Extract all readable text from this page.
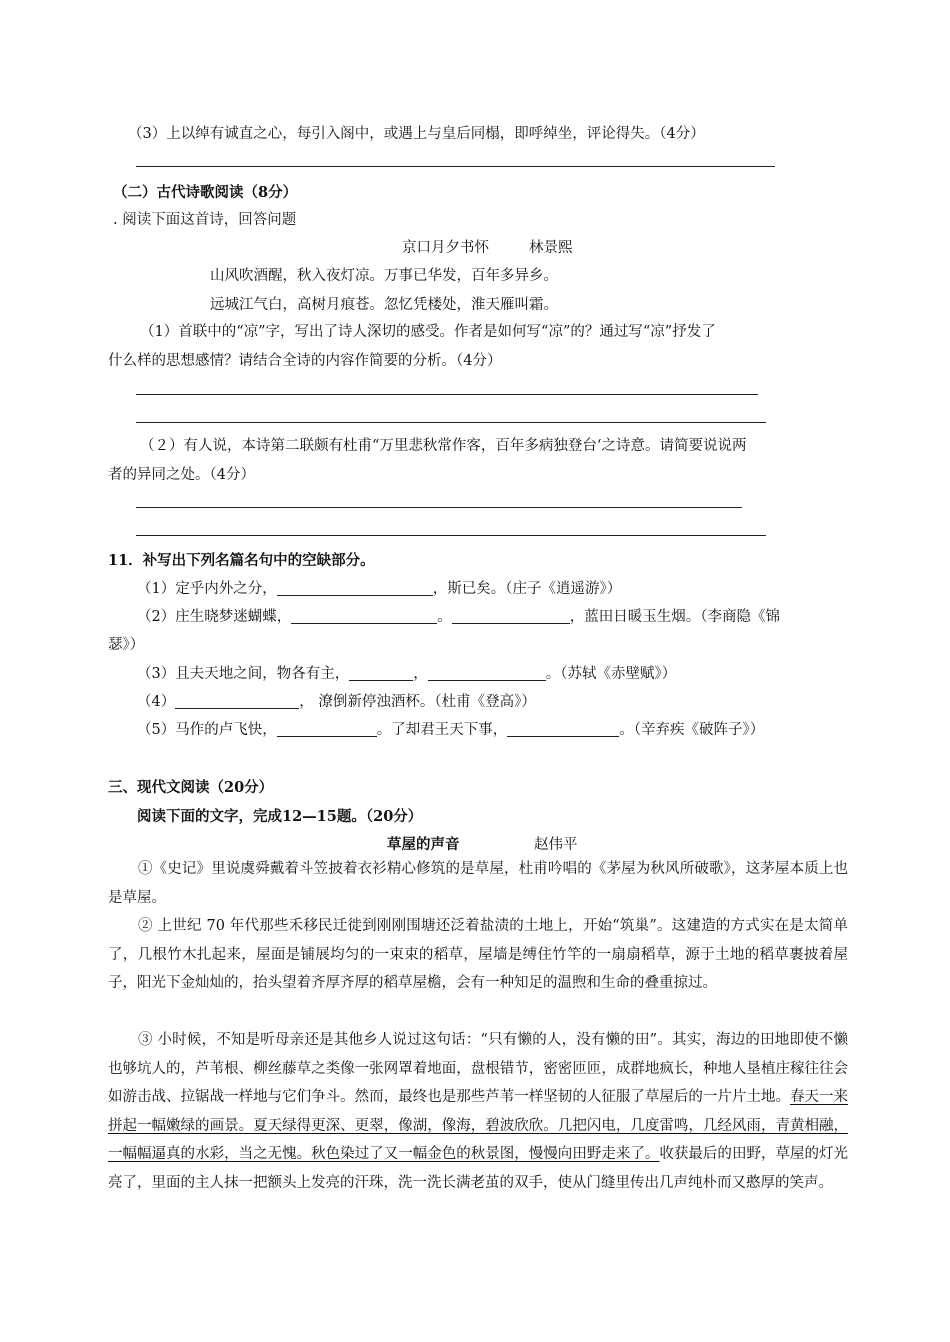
（3）上以绰有诚直之心，每引入阁中，或遇上与皇后同榻，即呼绰坐，评论得失。（4分）
（二）古代诗歌阅读（8分）
. 阅读下面这首诗，回答问题
京口月夕书怀	林景熙
山风吹酒醒，秋入夜灯凉。万事已华发，百年多异乡。
远城江气白，高树月痕苍。忽忆凭楼处，淮天雁叫霜。
（1）首联中的“凉”字，写出了诗人深切的感受。作者是如何写“凉”的？通过写“凉”抒发了
什么样的思想感情？请结合全诗的内容作简要的分析。（4分）
（２）有人说，本诗第二联颇有杜甫“万里悲秋常作客，百年多病独登台‘之诗意。请简要说说两
者的异同之处。（4分）
11．补写出下列名篇名句中的空缺部分。
（1）定乎内外之分，	，斯已矣。（庄子《逍遥游》）
（2）庄生晓梦迷蝴蝶，	。	，蓝田日暖玉生烟。（李商隐《锦
瑟》）
（3）且夫天地之间，物各有主，	，	。（苏轼《赤壁赋》）
（4）	， 潦倒新停浊酒杯。（杜甫《登高》）
（5）马作的卢飞快，	。了却君王天下事，	。（辛弃疾《破阵子》）
三、现代文阅读（20分）
阅读下面的文字，完成12—15题。（20分）
草屋的声音	赵伟平
①《史记》里说虞舜戴着斗笠披着衣衫精心修筑的是草屋，杜甫吟唱的《茅屋为秋风所破歌》，这茅屋本质上也是草屋。
② 上世纪 70 年代那些禾移民迁徙到刚刚围塘还泛着盐渍的土地上，开始“筑巢”。这建造的方式实在是太简单了，几根竹木扎起来，屋面是铺展均匀的一束束的稻草，屋墙是缚住竹竿的一扇扇稻草，源于土地的稻草裹披着屋子，阳光下金灿灿的，抬头望着齐厚齐厚的稻草屋檐，会有一种知足的温煦和生命的叠重掠过。
③ 小时候，不知是听母亲还是其他乡人说过这句话：“只有懒的人，没有懒的田”。其实，海边的田地即使不懒也够坑人的，芦苇根、柳丝藤草之类像一张网罩着地面，盘根错节，密密匝匝，成群地疯长，种地人垦植庄稼往往会如游击战、拉锯战一样地与它们争斗。然而，最终也是那些芦苇一样坚韧的人征服了草屋后的一片片土地。春天一来拼起一幅嫩绿的画景。夏天绿得更深、更翠，像湖，像海，碧波欣欣。几把闪电，几度雷鸣，几经风雨，青黄相融，一幅幅逼真的水彩，当之无愧。秋色染过了又一幅金色的秋景图，慢慢向田野走来了。收获最后的田野，草屋的灯光亮了，里面的主人抹一把额头上发亮的汗珠，洗一洗长满老茧的双手，使从门缝里传出几声纯朴而又憨厚的笑声。
